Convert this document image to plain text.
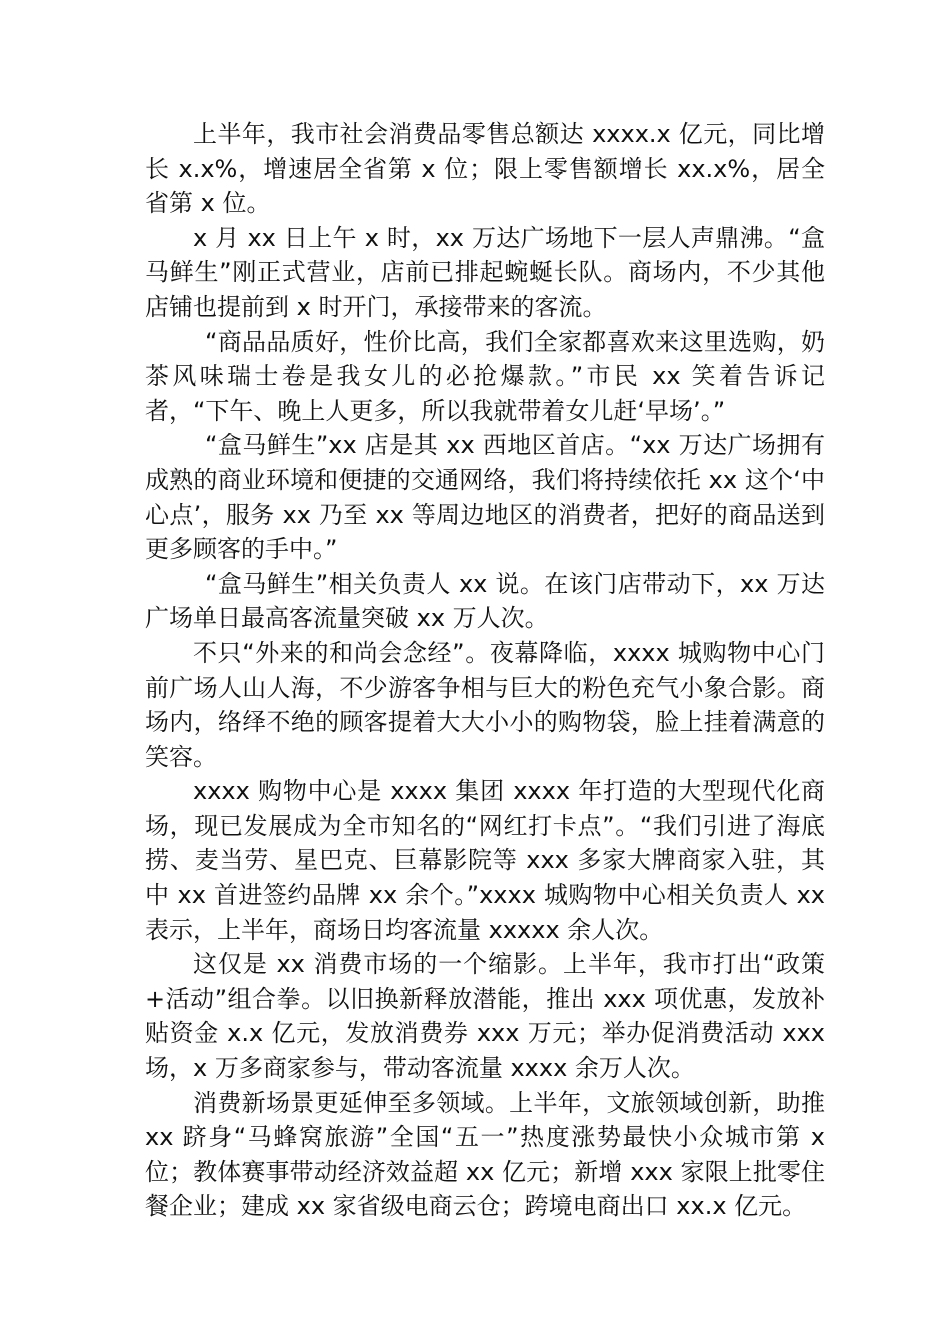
上半年，我市社会消费品零售总额达 xxxx.x 亿元，同比增长 x.x%，增速居全省第 x 位；限上零售额增长 xx.x%，居全省第 x 位。

x 月 xx 日上午 x 时，xx 万达广场地下一层人声鼎沸。“盒马鲜生”刚正式营业，店前已排起蜿蜒长队。商场内，不少其他店铺也提前到 x 时开门，承接带来的客流。

“商品品质好，性价比高，我们全家都喜欢来这里选购，奶茶风味瑞士卷是我女儿的必抢爆款。”市民 xx 笑着告诉记者，“下午、晚上人更多，所以我就带着女儿赶‘早场’。”

“盒马鲜生”xx 店是其 xx 西地区首店。“xx 万达广场拥有成熟的商业环境和便捷的交通网络，我们将持续依托 xx 这个‘中心点’，服务 xx 乃至 xx 等周边地区的消费者，把好的商品送到更多顾客的手中。”

“盒马鲜生”相关负责人 xx 说。在该门店带动下，xx 万达广场单日最高客流量突破 xx 万人次。

不只“外来的和尚会念经”。夜幕降临，xxxx 城购物中心门前广场人山人海，不少游客争相与巨大的粉色充气小象合影。商场内，络绎不绝的顾客提着大大小小的购物袋，脸上挂着满意的笑容。

xxxx 购物中心是 xxxx 集团 xxxx 年打造的大型现代化商场，现已发展成为全市知名的“网红打卡点”。“我们引进了海底捞、麦当劳、星巴克、巨幕影院等 xxx 多家大牌商家入驻，其中 xx 首进签约品牌 xx 余个。”xxxx 城购物中心相关负责人 xx 表示，上半年，商场日均客流量 xxxxx 余人次。

这仅是 xx 消费市场的一个缩影。上半年，我市打出“政策+活动”组合拳。以旧换新释放潜能，推出 xxx 项优惠，发放补贴资金 x.x 亿元，发放消费券 xxx 万元；举办促消费活动 xxx 场，x 万多商家参与，带动客流量 xxxx 余万人次。

消费新场景更延伸至多领域。上半年，文旅领域创新，助推 xx 跻身“马蜂窝旅游”全国“五一”热度涨势最快小众城市第 x 位；教体赛事带动经济效益超 xx 亿元；新增 xxx 家限上批零住餐企业；建成 xx 家省级电商云仓；跨境电商出口 xx.x 亿元。
